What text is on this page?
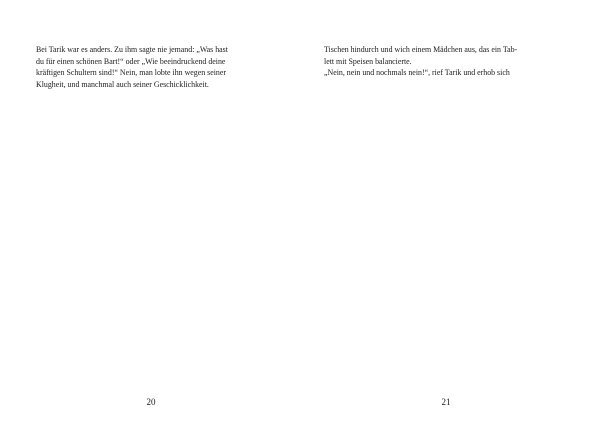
Bei Tarik war es anders. Zu ihm sagte nie jemand: „Was hast
du für einen schönen Bart!“ oder „Wie beeindruckend deine
kräftigen Schultern sind!“ Nein, man lobte ihn wegen seiner
Klugheit, und manchmal auch seiner Geschicklichkeit.
20
Tischen hindurch und wich einem Mädchen aus, das ein Tab-
lett mit Speisen balancierte.
„Nein, nein und nochmals nein!“, rief Tarik und erhob sich
21
